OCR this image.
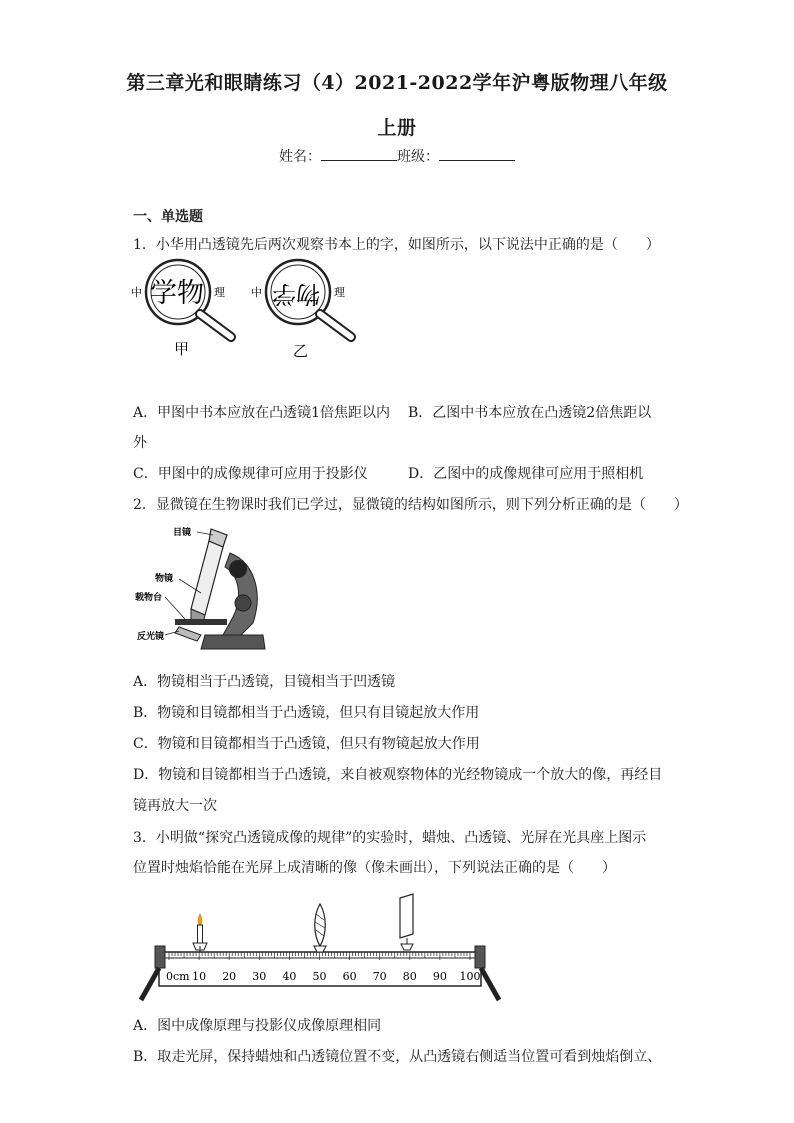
第三章光和眼睛练习（4）2021-2022学年沪粤版物理八年级
上册
姓名：	班级：
一、单选题
1．小华用凸透镜先后两次观察书本上的字，如图所示，以下说法中正确的是（　　）
中 学物 理
甲
中 物学 理
乙
A．甲图中书本应放在凸透镜1倍焦距以内 B．乙图中书本应放在凸透镜2倍焦距以
外
C．甲图中的成像规律可应用于投影仪	D．乙图中的成像规律可应用于照相机
2．显微镜在生物课时我们已学过，显微镜的结构如图所示，则下列分析正确的是（　　）
目镜
物镜
载物台
反光镜
A．物镜相当于凸透镜，目镜相当于凹透镜
B．物镜和目镜都相当于凸透镜，但只有目镜起放大作用
C．物镜和目镜都相当于凸透镜，但只有物镜起放大作用
D．物镜和目镜都相当于凸透镜，来自被观察物体的光经物镜成一个放大的像，再经目
镜再放大一次
3．小明做“探究凸透镜成像的规律”的实验时，蜡烛、凸透镜、光屏在光具座上图示
位置时烛焰恰能在光屏上成清晰的像（像未画出），下列说法正确的是（　　）
0cm 10 20 30 40 50 60 70 80 90 100
A．图中成像原理与投影仪成像原理相同
B．取走光屏，保持蜡烛和凸透镜位置不变，从凸透镜右侧适当位置可看到烛焰倒立、
